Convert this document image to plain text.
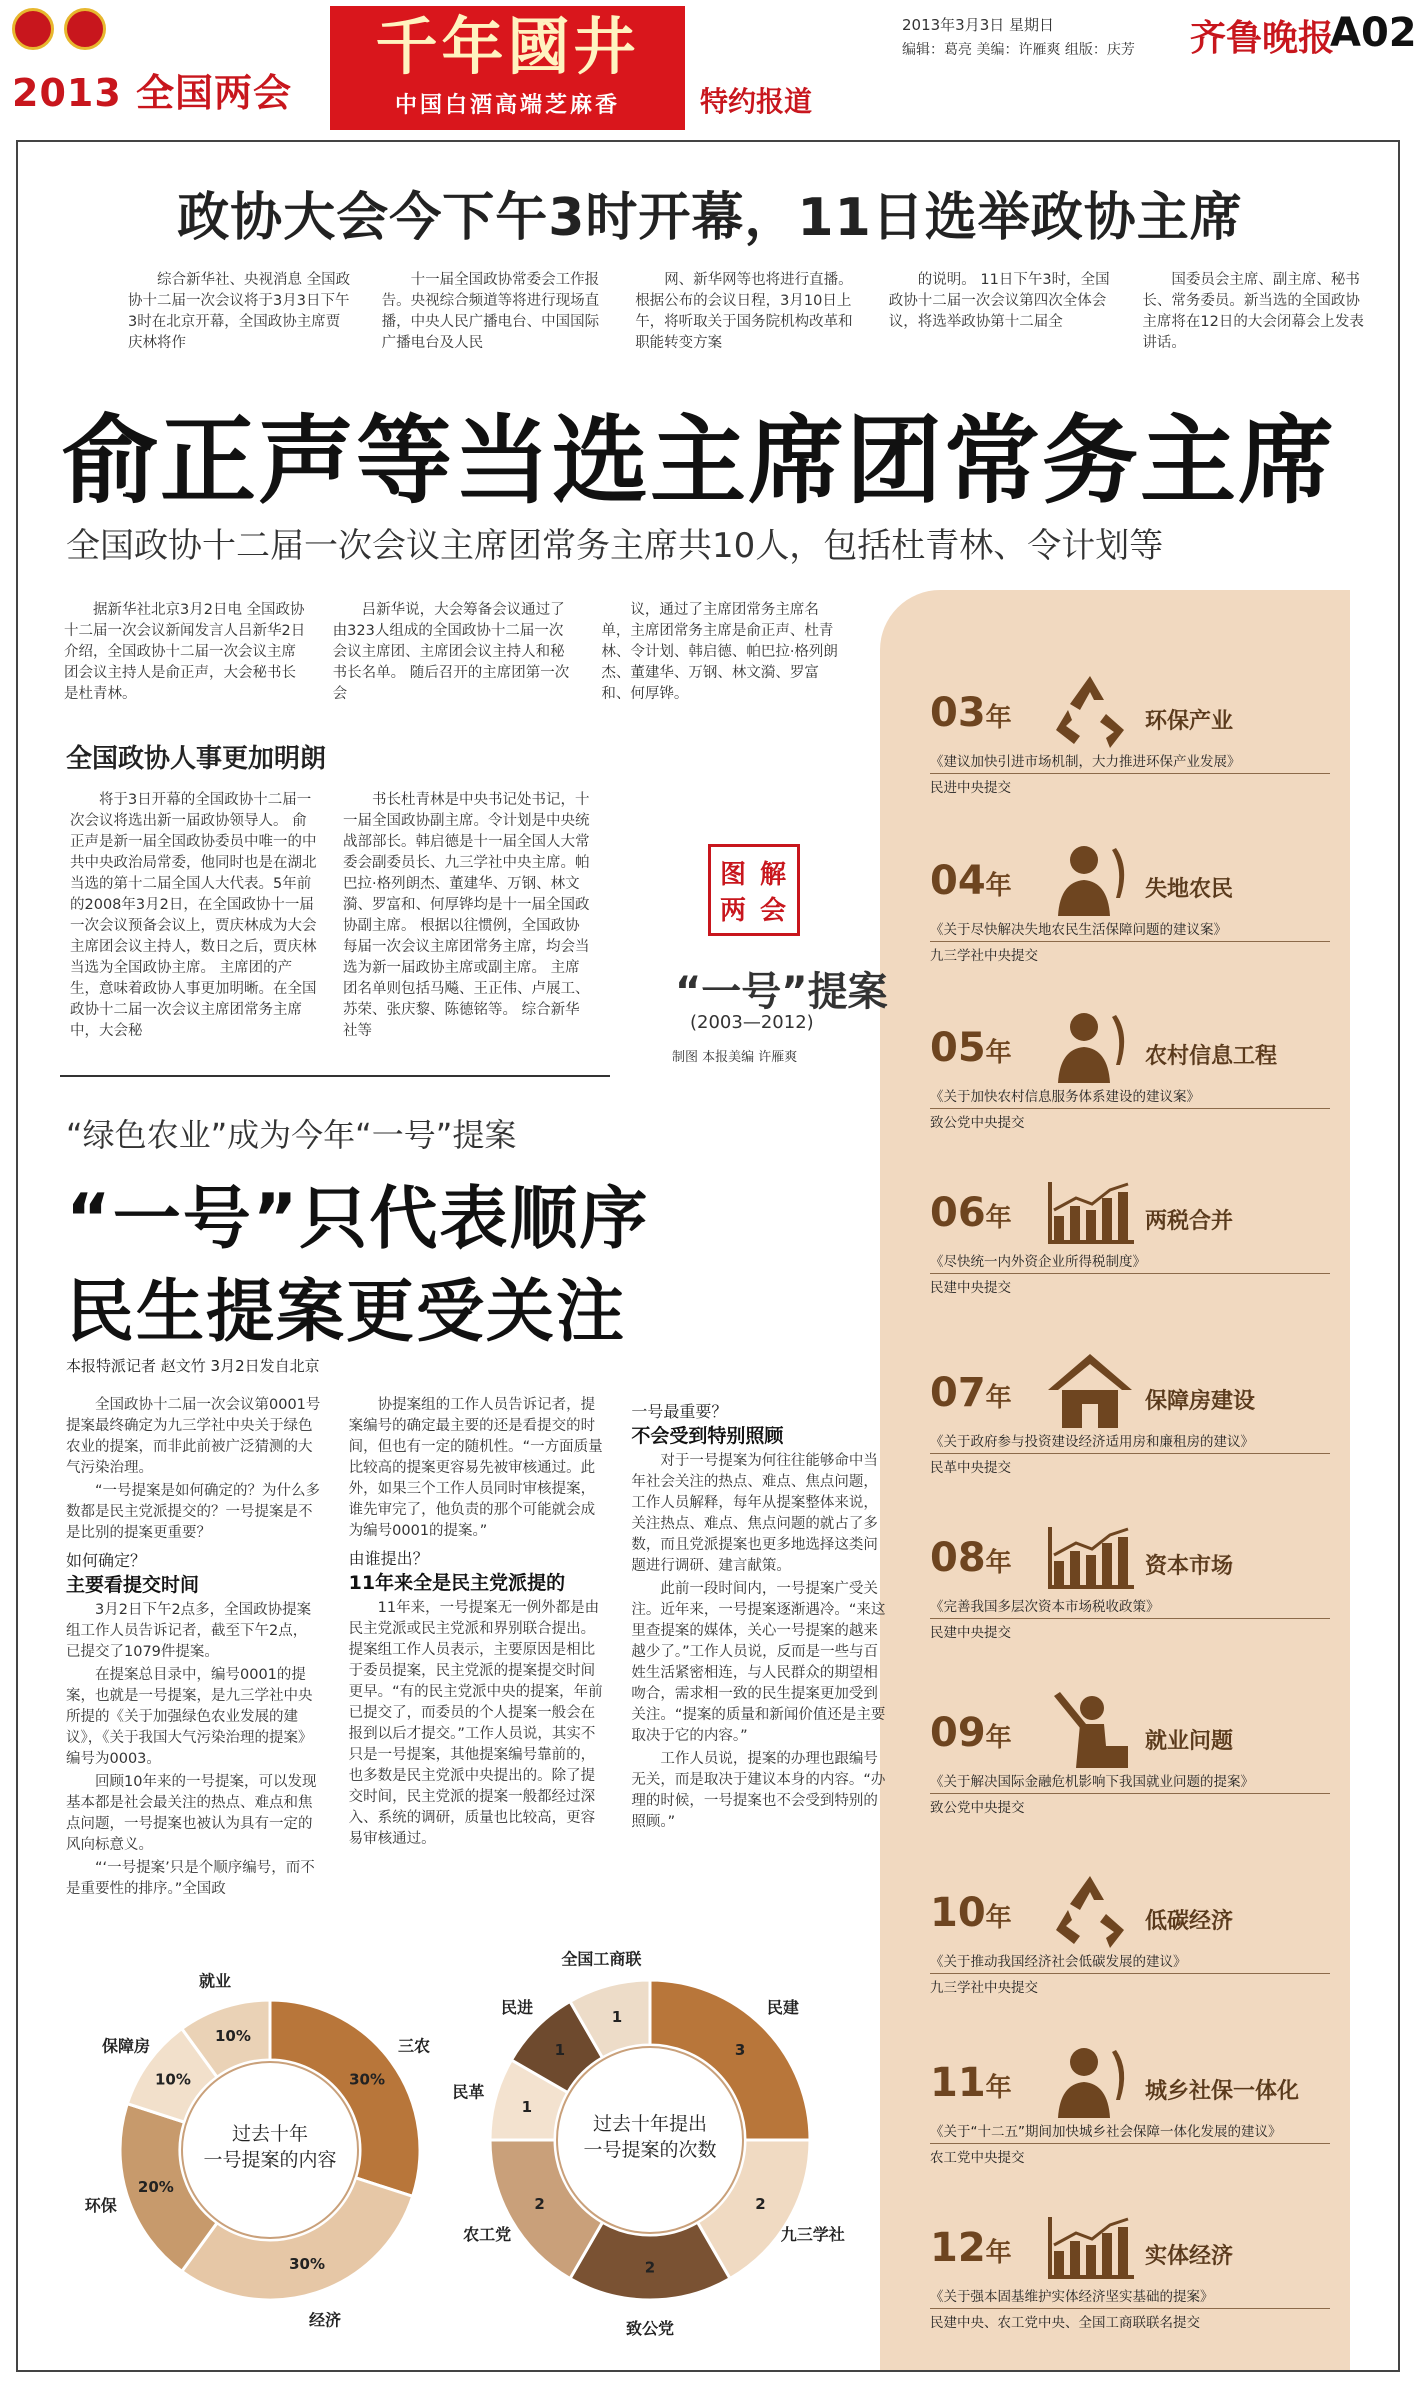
2013 全国两会
千年國井
中国白酒高端芝麻香	特约报道
2013年3月3日 星期日
编辑：葛亮 美编：许雁爽 组版：庆芳	齐鲁晚报
A02
政协大会今下午3时开幕，11日选举政协主席

综合新华社、央视消息 全国政协十二届一次会议将于3月3日下午3时在北京开幕，全国政协主席贾庆林将作

十一届全国政协常委会工作报告。央视综合频道等将进行现场直播，中央人民广播电台、中国国际广播电台及人民

网、新华网等也将进行直播。 根据公布的会议日程，3月10日上午，将听取关于国务院机构改革和职能转变方案

的说明。 11日下午3时，全国政协十二届一次会议第四次全体会议，将选举政协第十二届全

国委员会主席、副主席、秘书长、常务委员。新当选的全国政协主席将在12日的大会闭幕会上发表讲话。

俞正声等当选主席团常务主席
全国政协十二届一次会议主席团常务主席共10人，包括杜青林、令计划等

据新华社北京3月2日电 全国政协十二届一次会议新闻发言人吕新华2日介绍，全国政协十二届一次会议主席团会议主持人是俞正声，大会秘书长是杜青林。

吕新华说，大会筹备会议通过了由323人组成的全国政协十二届一次会议主席团、主席团会议主持人和秘书长名单。 随后召开的主席团第一次会

议，通过了主席团常务主席名单，主席团常务主席是俞正声、杜青林、令计划、韩启德、帕巴拉·格列朗杰、董建华、万钢、林文漪、罗富和、何厚铧。

全国政协人事更加明朗

将于3日开幕的全国政协十二届一次会议将选出新一届政协领导人。 俞正声是新一届全国政协委员中唯一的中共中央政治局常委，他同时也是在湖北当选的第十二届全国人大代表。5年前的2008年3月2日，在全国政协十一届一次会议预备会议上，贾庆林成为大会主席团会议主持人，数日之后，贾庆林当选为全国政协主席。 主席团的产生，意味着政协人事更加明晰。在全国政协十二届一次会议主席团常务主席中，大会秘

书长杜青林是中央书记处书记，十一届全国政协副主席。令计划是中央统战部部长。韩启德是十一届全国人大常委会副委员长、九三学社中央主席。帕巴拉·格列朗杰、董建华、万钢、林文漪、罗富和、何厚铧均是十一届全国政协副主席。 根据以往惯例，全国政协每届一次会议主席团常务主席，均会当选为新一届政协主席或副主席。 主席团名单则包括马飚、王正伟、卢展工、苏荣、张庆黎、陈德铭等。 综合新华社等

图 解
两 会
“一号”提案
(2003—2012)
制图 本报美编 许雁爽
“绿色农业”成为今年“一号”提案
“一号”只代表顺序
民生提案更受关注
本报特派记者 赵文竹 3月2日发自北京

全国政协十二届一次会议第0001号提案最终确定为九三学社中央关于绿色农业的提案，而非此前被广泛猜测的大气污染治理。

“一号提案是如何确定的？为什么多数都是民主党派提交的？一号提案是不是比别的提案更重要？

如何确定？

主要看提交时间

3月2日下午2点多，全国政协提案组工作人员告诉记者，截至下午2点，已提交了1079件提案。

在提案总目录中，编号0001的提案，也就是一号提案，是九三学社中央所提的《关于加强绿色农业发展的建议》，《关于我国大气污染治理的提案》编号为0003。

回顾10年来的一号提案，可以发现基本都是社会最关注的热点、难点和焦点问题，一号提案也被认为具有一定的风向标意义。

“‘一号提案’只是个顺序编号，而不是重要性的排序。”全国政

协提案组的工作人员告诉记者，提案编号的确定最主要的还是看提交的时间，但也有一定的随机性。“一方面质量比较高的提案更容易先被审核通过。此外，如果三个工作人员同时审核提案，谁先审完了，他负责的那个可能就会成为编号0001的提案。”

由谁提出？

11年来全是民主党派提的

11年来，一号提案无一例外都是由民主党派或民主党派和界别联合提出。提案组工作人员表示，主要原因是相比于委员提案，民主党派的提案提交时间更早。“有的民主党派中央的提案，年前已提交了，而委员的个人提案一般会在报到以后才提交。”工作人员说，其实不只是一号提案，其他提案编号靠前的，也多数是民主党派中央提出的。除了提交时间，民主党派的提案一般都经过深入、系统的调研，质量也比较高，更容易审核通过。

一号最重要？

不会受到特别照顾

对于一号提案为何往往能够命中当年社会关注的热点、难点、焦点问题，工作人员解释，每年从提案整体来说，关注热点、难点、焦点问题的就占了多数，而且党派提案也更多地选择这类问题进行调研、建言献策。

此前一段时间内，一号提案广受关注。近年来，一号提案逐渐遇冷。“来这里查提案的媒体，关心一号提案的越来越少了。”工作人员说，反而是一些与百姓生活紧密相连，与人民群众的期望相吻合，需求相一致的民生提案更加受到关注。“提案的质量和新闻价值还是主要取决于它的内容。”

工作人员说，提案的办理也跟编号无关，而是取决于建议本身的内容。“办理的时候，一号提案也不会受到特别的照顾。”

03年	环保产业
《建议加快引进市场机制，大力推进环保产业发展》
民进中央提交
04年	失地农民
《关于尽快解决失地农民生活保障问题的建议案》
九三学社中央提交
05年	农村信息工程
《关于加快农村信息服务体系建设的建议案》
致公党中央提交
06年	两税合并
《尽快统一内外资企业所得税制度》
民建中央提交
07年	保障房建设
《关于政府参与投资建设经济适用房和廉租房的建议》
民革中央提交
08年	资本市场
《完善我国多层次资本市场税收政策》
民建中央提交
09年	就业问题
《关于解决国际金融危机影响下我国就业问题的提案》
致公党中央提交
10年	低碳经济
《关于推动我国经济社会低碳发展的建议》
九三学社中央提交
11年	城乡社保一体化
《关于“十二五”期间加快城乡社会保障一体化发展的建议》
农工党中央提交
12年	实体经济
《关于强本固基维护实体经济坚实基础的提案》
民建中央、农工党中央、全国工商联联名提交
30%
三农
30%
经济
20%
环保
10%
保障房
10%
就业
过去十年
一号提案的内容
3
民建
2
九三学社
2
致公党
2
农工党
1
民革
1
民进	1
全国工商联
过去十年提出
一号提案的次数
